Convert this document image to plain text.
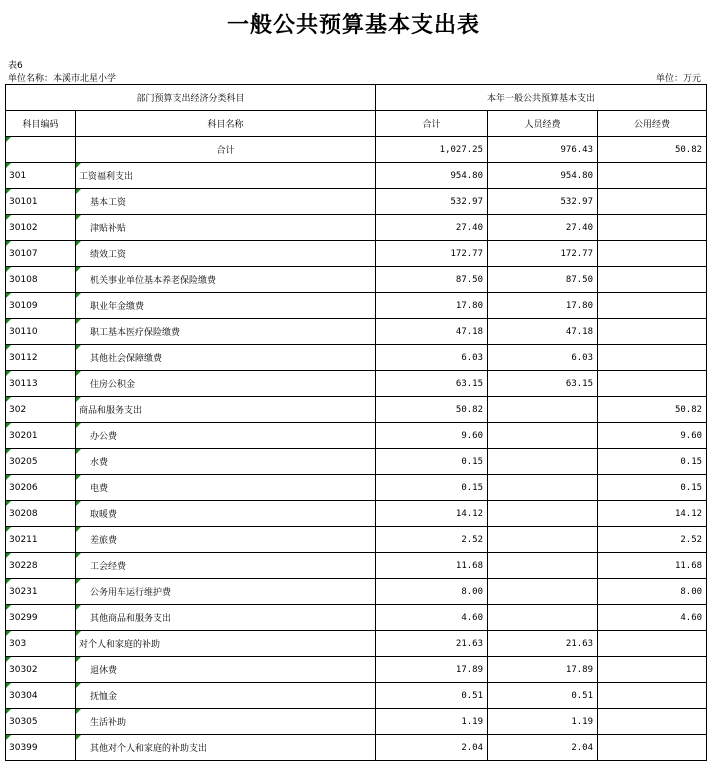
一般公共预算基本支出表
表6
单位名称：本溪市北星小学	单位：万元
部门预算支出经济分类科目		本年一般公共预算基本支出		
科目编码	科目名称	合计	人员经费	公用经费
	合计	1,027.25	976.43	50.82
301	工资福利支出	954.80	954.80	
30101	基本工资	532.97	532.97	
30102	津贴补贴	27.40	27.40	
30107	绩效工资	172.77	172.77	
30108	机关事业单位基本养老保险缴费	87.50	87.50	
30109	职业年金缴费	17.80	17.80	
30110	职工基本医疗保险缴费	47.18	47.18	
30112	其他社会保障缴费	6.03	6.03	
30113	住房公积金	63.15	63.15	
302	商品和服务支出	50.82		50.82
30201	办公费	9.60		9.60
30205	水费	0.15		0.15
30206	电费	0.15		0.15
30208	取暖费	14.12		14.12
30211	差旅费	2.52		2.52
30228	工会经费	11.68		11.68
30231	公务用车运行维护费	8.00		8.00
30299	其他商品和服务支出	4.60		4.60
303	对个人和家庭的补助	21.63	21.63	
30302	退休费	17.89	17.89	
30304	抚恤金	0.51	0.51	
30305	生活补助	1.19	1.19	
30399	其他对个人和家庭的补助支出	2.04	2.04	
